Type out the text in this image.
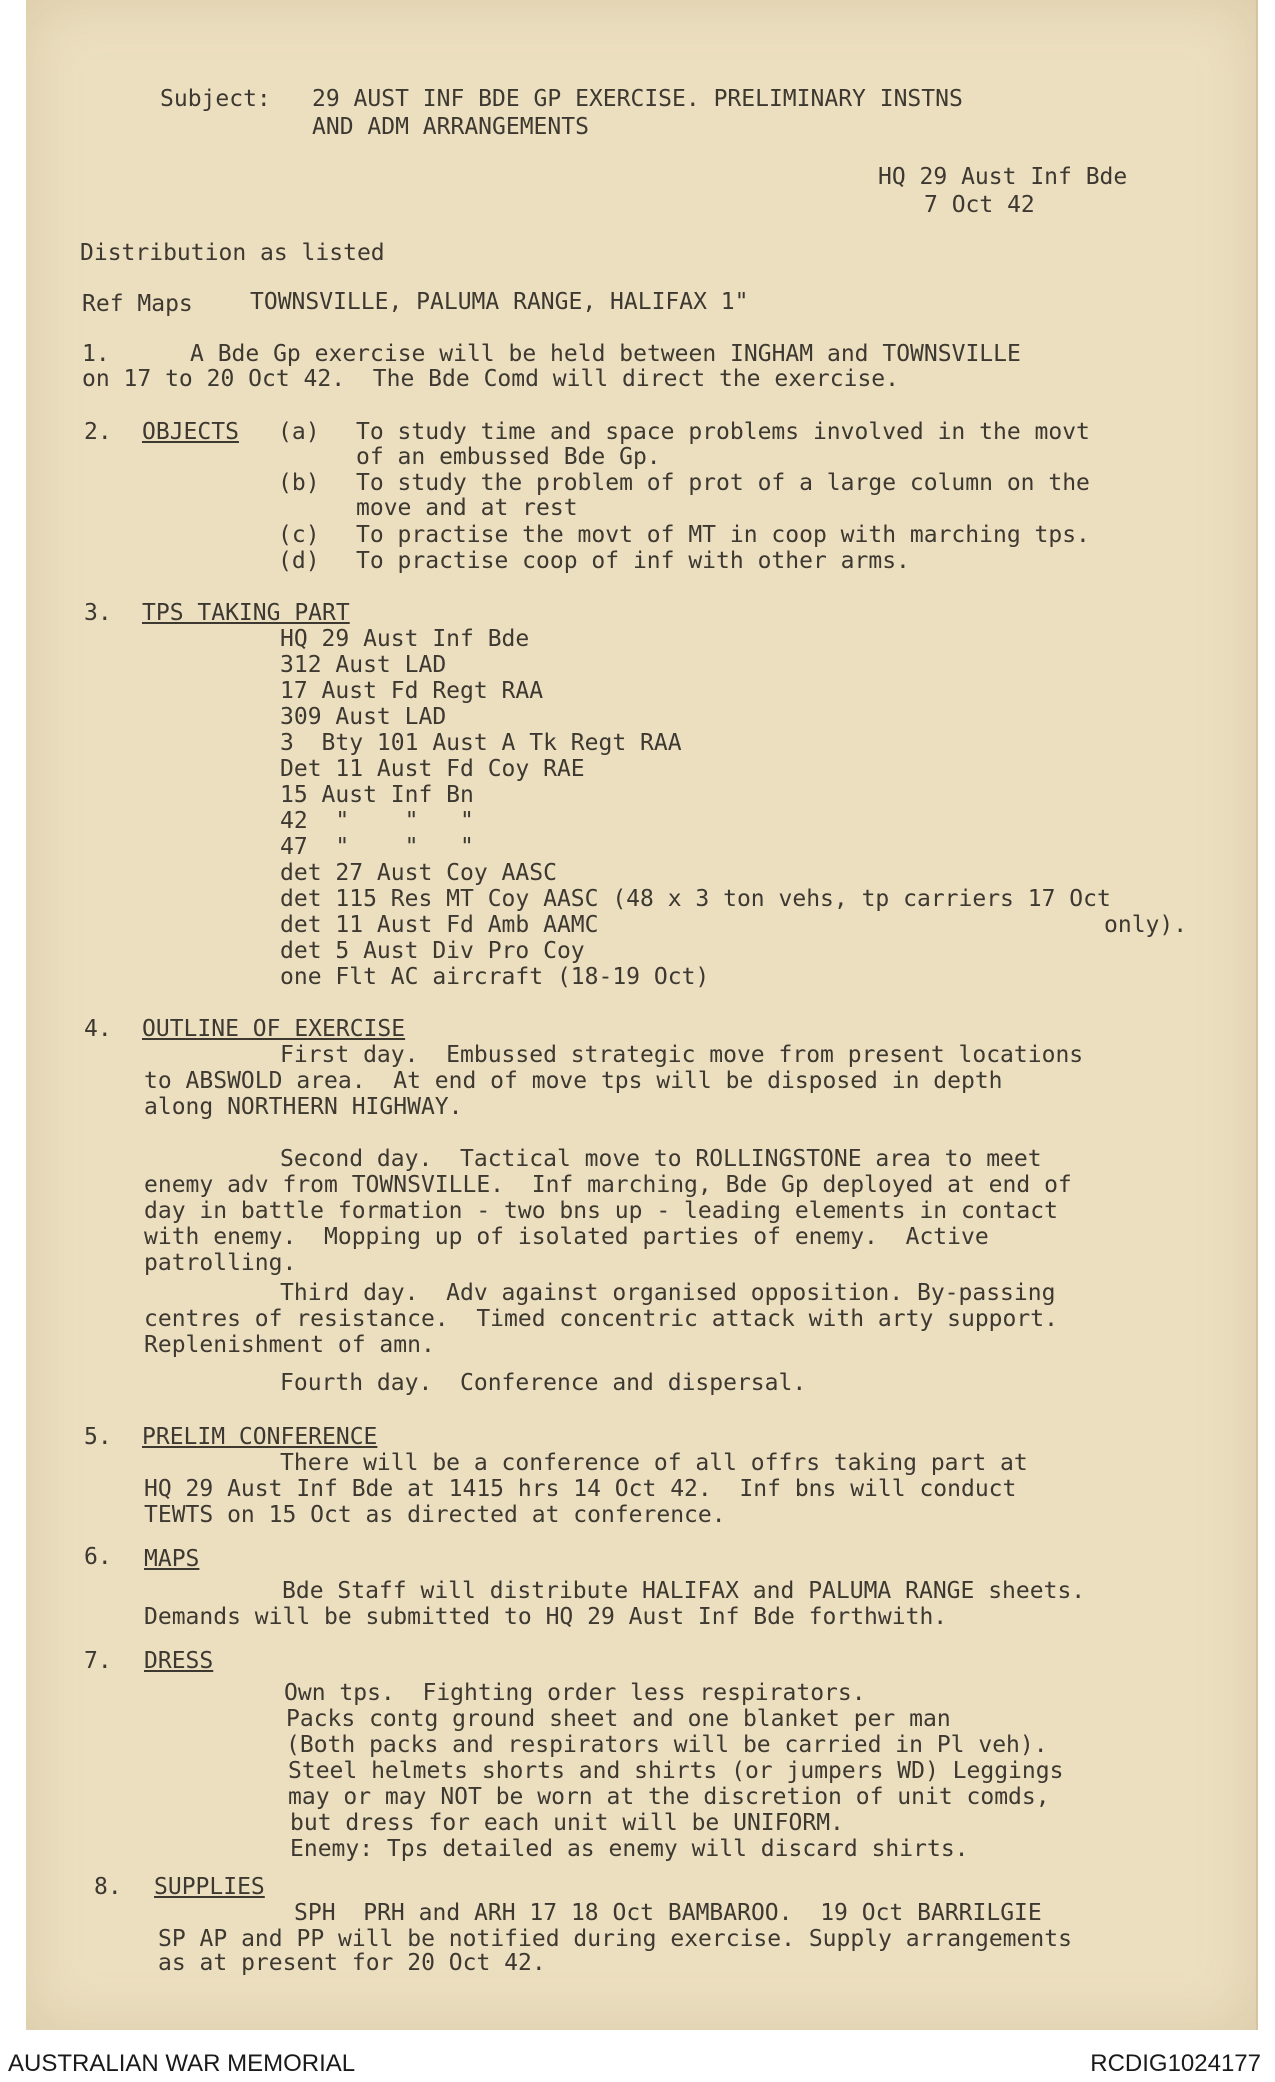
Subject: 29 AUST INF BDE GP EXERCISE. PRELIMINARY INSTNS
AND ADM ARRANGEMENTS
HQ 29 Aust Inf Bde
7 Oct 42
Distribution as listed
Ref Maps TOWNSVILLE, PALUMA RANGE, HALIFAX 1"
1.	A Bde Gp exercise will be held between INGHAM and TOWNSVILLE
on 17 to 20 Oct 42.  The Bde Comd will direct the exercise.
2. OBJECTS (a) To study time and space problems involved in the movt
of an embussed Bde Gp.
(b) To study the problem of prot of a large column on the
move and at rest
(c) To practise the movt of MT in coop with marching tps.
(d) To practise coop of inf with other arms.
3. TPS TAKING PART
HQ 29 Aust Inf Bde
312 Aust LAD
17 Aust Fd Regt RAA
309 Aust LAD
3  Bty 101 Aust A Tk Regt RAA
Det 11 Aust Fd Coy RAE
15 Aust Inf Bn
42  "    "   "
47  "    "   "
det 27 Aust Coy AASC
det 115 Res MT Coy AASC (48 x 3 ton vehs, tp carriers 17 Oct
only).
det 11 Aust Fd Amb AAMC
det 5 Aust Div Pro Coy
one Flt AC aircraft (18-19 Oct)
4. OUTLINE OF EXERCISE
First day.  Embussed strategic move from present locations
to ABSWOLD area.  At end of move tps will be disposed in depth
along NORTHERN HIGHWAY.
Second day.  Tactical move to ROLLINGSTONE area to meet
enemy adv from TOWNSVILLE.  Inf marching, Bde Gp deployed at end of
day in battle formation - two bns up - leading elements in contact
with enemy.  Mopping up of isolated parties of enemy.  Active
patrolling.
Third day.  Adv against organised opposition. By-passing
centres of resistance.  Timed concentric attack with arty support.
Replenishment of amn.
Fourth day.  Conference and dispersal.
5. PRELIM CONFERENCE
There will be a conference of all offrs taking part at
HQ 29 Aust Inf Bde at 1415 hrs 14 Oct 42.  Inf bns will conduct
TEWTS on 15 Oct as directed at conference.
6. MAPS
Bde Staff will distribute HALIFAX and PALUMA RANGE sheets.
Demands will be submitted to HQ 29 Aust Inf Bde forthwith.
7. DRESS
Own tps.  Fighting order less respirators.
Packs contg ground sheet and one blanket per man
(Both packs and respirators will be carried in Pl veh).
Steel helmets shorts and shirts (or jumpers WD) Leggings
may or may NOT be worn at the discretion of unit comds,
but dress for each unit will be UNIFORM.
Enemy: Tps detailed as enemy will discard shirts.
8. SUPPLIES
SPH  PRH and ARH 17 18 Oct BAMBAROO.  19 Oct BARRILGIE
SP AP and PP will be notified during exercise. Supply arrangements
as at present for 20 Oct 42.
AUSTRALIAN WAR MEMORIAL	RCDIG1024177
